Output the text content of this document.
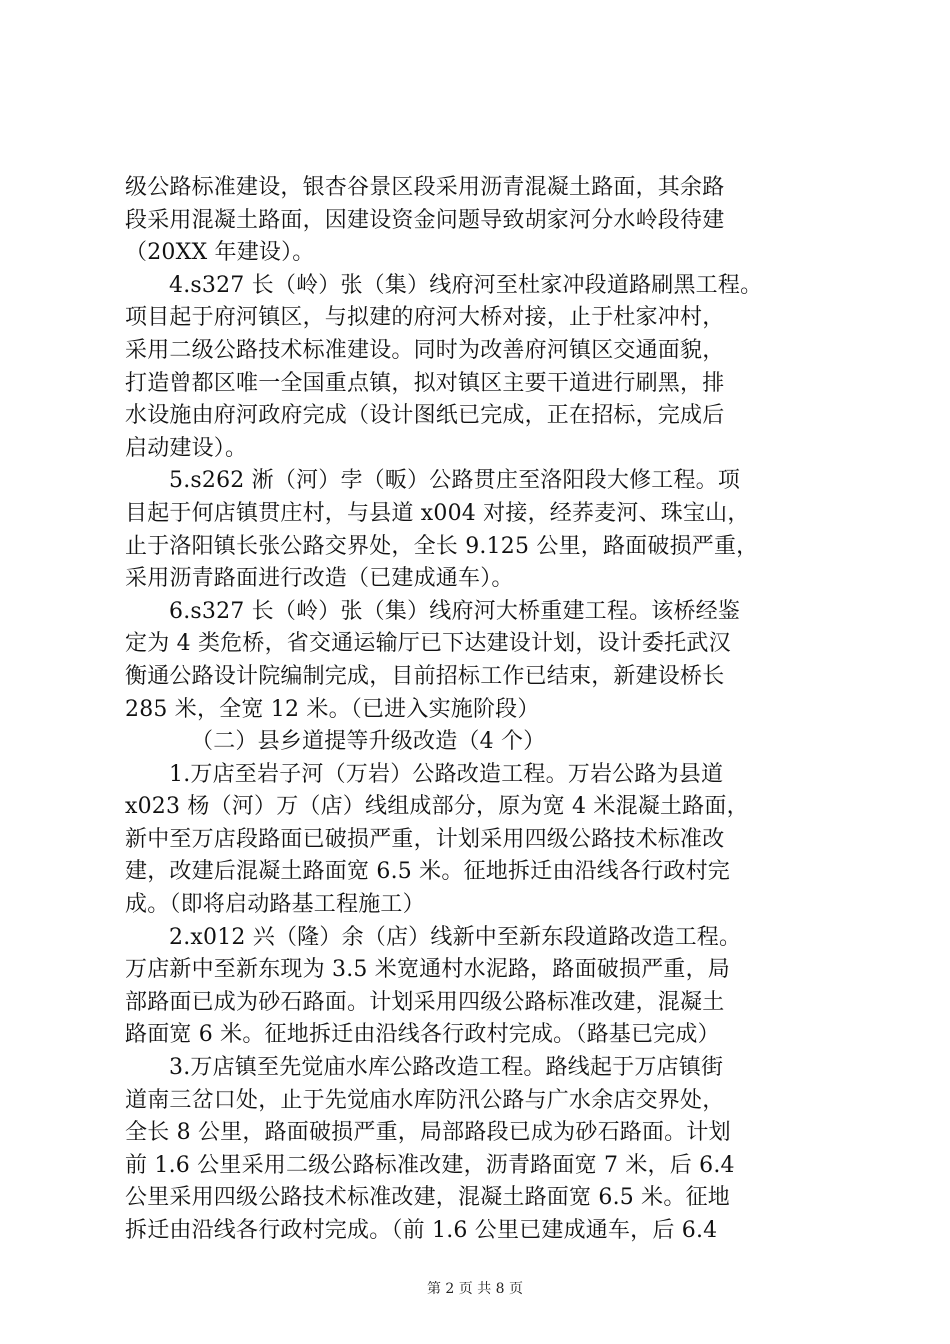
级公路标准建设，银杏谷景区段采用沥青混凝土路面，其余路
段采用混凝土路面，因建设资金问题导致胡家河分水岭段待建
（20XX 年建设）。
4.s327 长（岭）张（集）线府河至杜家冲段道路刷黑工程。
项目起于府河镇区，与拟建的府河大桥对接，止于杜家冲村，
采用二级公路技术标准建设。同时为改善府河镇区交通面貌，
打造曾都区唯一全国重点镇，拟对镇区主要干道进行刷黑，排
水设施由府河政府完成（设计图纸已完成，正在招标，完成后
启动建设）。
5.s262 淅（河）孛（畈）公路贯庄至洛阳段大修工程。项
目起于何店镇贯庄村，与县道 x004 对接，经荞麦河、珠宝山，
止于洛阳镇长张公路交界处，全长 9.125 公里，路面破损严重，
采用沥青路面进行改造（已建成通车）。
6.s327 长（岭）张（集）线府河大桥重建工程。该桥经鉴
定为 4 类危桥，省交通运输厅已下达建设计划，设计委托武汉
衡通公路设计院编制完成，目前招标工作已结束，新建设桥长
285 米，全宽 12 米。（已进入实施阶段）
（二）县乡道提等升级改造（4 个）
1.万店至岩子河（万岩）公路改造工程。万岩公路为县道
x023 杨（河）万（店）线组成部分，原为宽 4 米混凝土路面，
新中至万店段路面已破损严重，计划采用四级公路技术标准改
建，改建后混凝土路面宽 6.5 米。征地拆迁由沿线各行政村完
成。（即将启动路基工程施工）
2.x012 兴（隆）余（店）线新中至新东段道路改造工程。
万店新中至新东现为 3.5 米宽通村水泥路，路面破损严重，局
部路面已成为砂石路面。计划采用四级公路标准改建，混凝土
路面宽 6 米。征地拆迁由沿线各行政村完成。（路基已完成）
3.万店镇至先觉庙水库公路改造工程。路线起于万店镇街
道南三岔口处，止于先觉庙水库防汛公路与广水余店交界处，
全长 8 公里，路面破损严重，局部路段已成为砂石路面。计划
前 1.6 公里采用二级公路标准改建，沥青路面宽 7 米，后 6.4
公里采用四级公路技术标准改建，混凝土路面宽 6.5 米。征地
拆迁由沿线各行政村完成。（前 1.6 公里已建成通车，后 6.4
第 2 页 共 8 页
